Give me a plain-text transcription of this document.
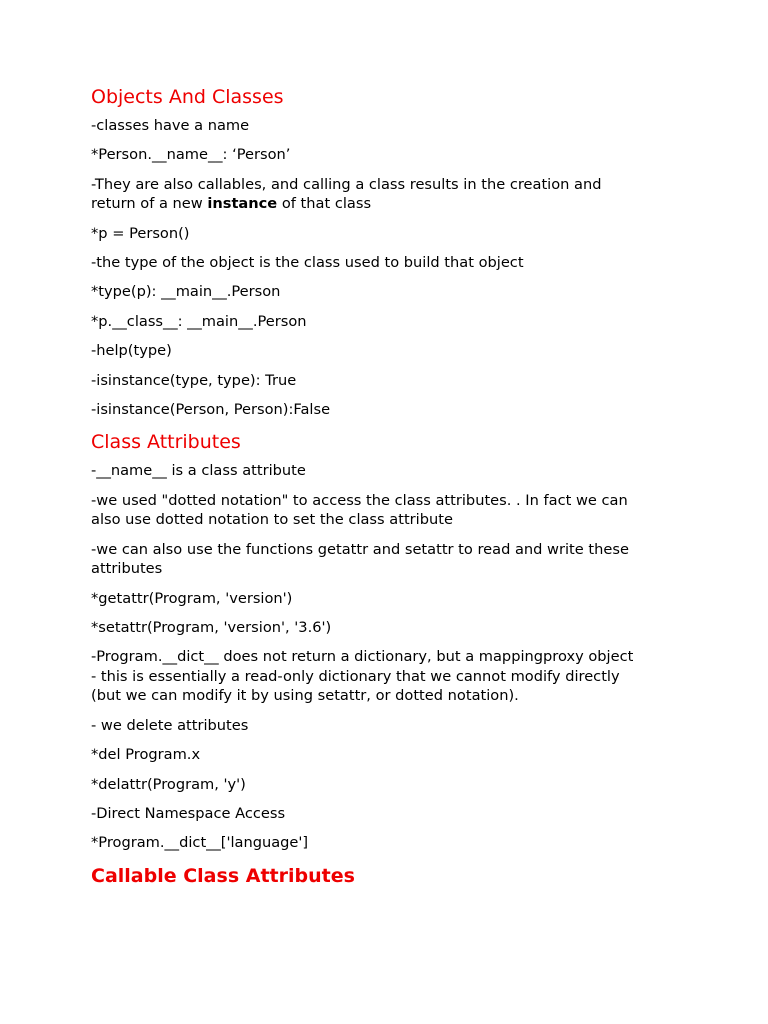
Objects And Classes
-classes have a name
*Person.__name__: ‘Person’
-They are also callables, and calling a class results in the creation and
return of a new instance of that class
*p = Person()
-the type of the object is the class used to build that object
*type(p): __main__.Person
*p.__class__: __main__.Person
-help(type)
-isinstance(type, type): True
-isinstance(Person, Person):False
Class Attributes
-__name__ is a class attribute
-we used "dotted notation" to access the class attributes. . In fact we can
also use dotted notation to set the class attribute
-we can also use the functions getattr and setattr to read and write these
attributes
*getattr(Program, 'version')
*setattr(Program, 'version', '3.6')
-Program.__dict__ does not return a dictionary, but a mappingproxy object
- this is essentially a read-only dictionary that we cannot modify directly
(but we can modify it by using setattr, or dotted notation).
- we delete attributes
*del Program.x
*delattr(Program, 'y')
-Direct Namespace Access
*Program.__dict__['language']
Callable Class Attributes
